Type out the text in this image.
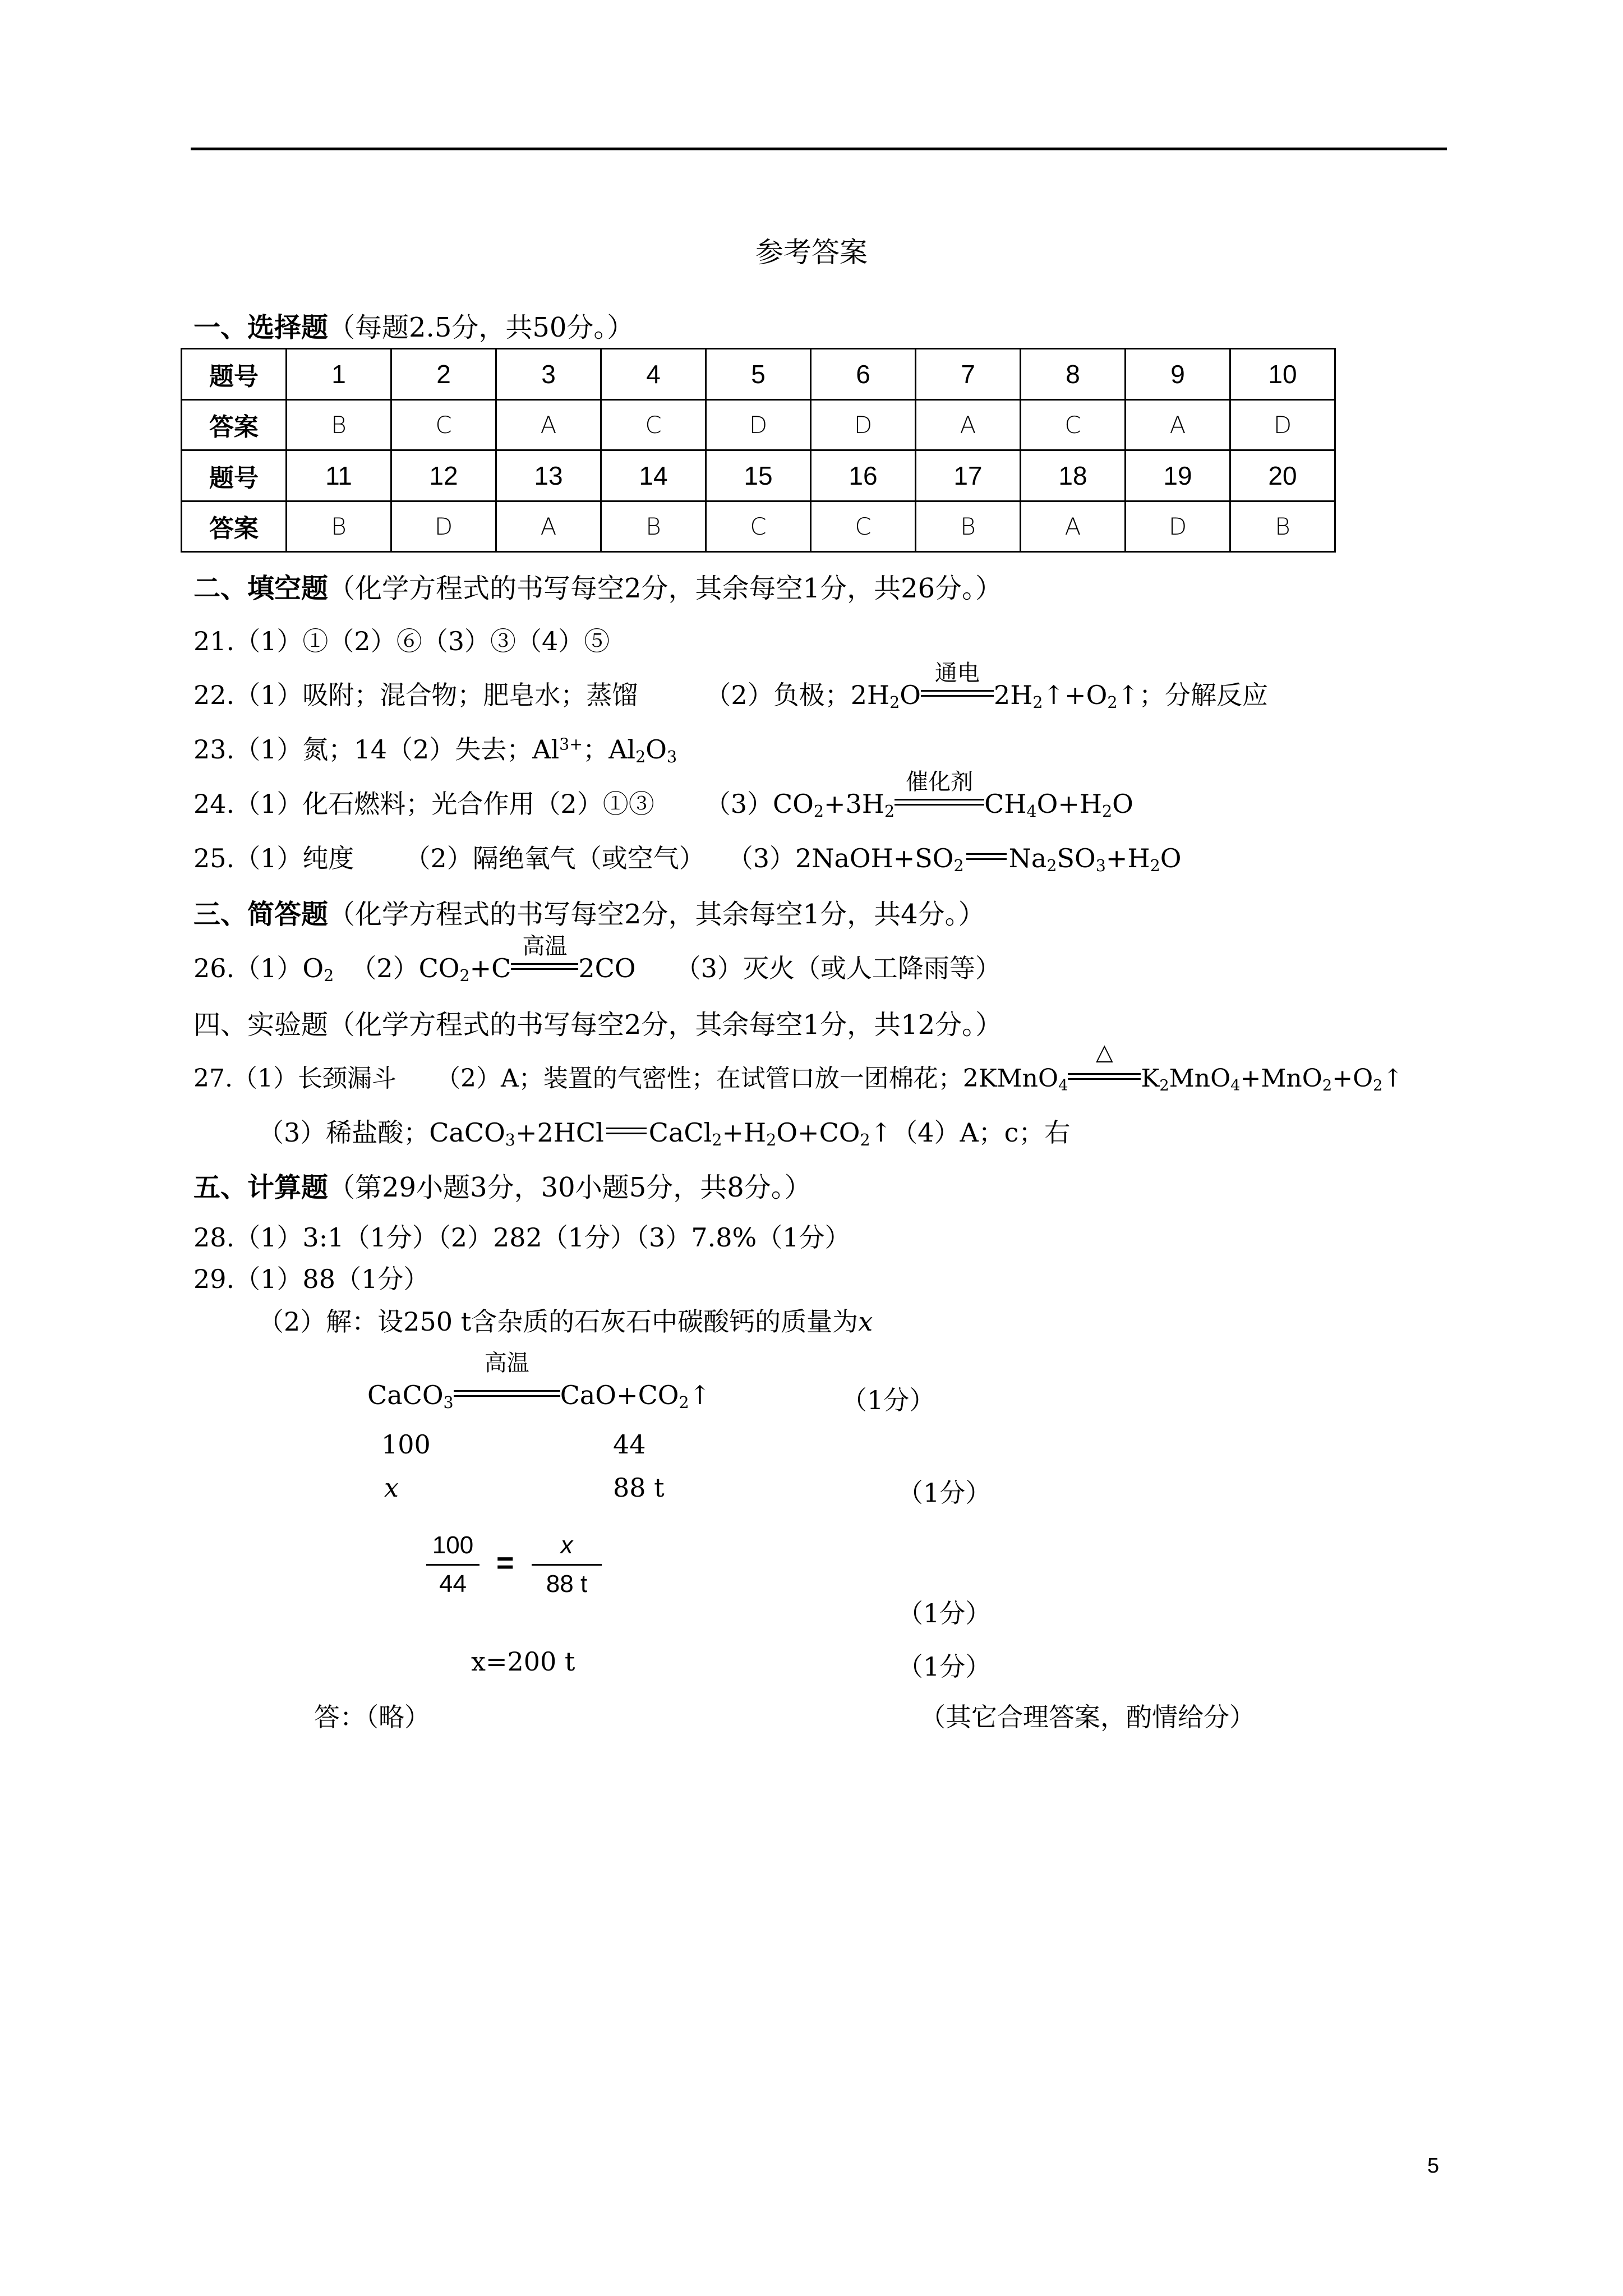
参考答案
一、选择题（每题2.5分，共50分。）
题号	1	2	3	4	5	6	7	8	9	10
答案	B	C	A	C	D	D	A	C	A	D
题号	11	12	13	14	15	16	17	18	19	20
答案	B	D	A	B	C	C	B	A	D	B
二、填空题（化学方程式的书写每空2分，其余每空1分，共26分。）
21.（1）①（2）⑥（3）③（4）⑤
22.（1）吸附；混合物；肥皂水；蒸馏	（2）负极；$2H_2O$
通电
$2H_2↑+O_2↑$；分解反应
23.（1）氮；14（2）失去；$Al^{3+}$；$Al_2O_3$
24.（1）化石燃料；光合作用（2）①③ $(3)CO_2+3H_2$
催化剂
$CH_4O+H_2O$
25.（1）纯度 （2）隔绝氧气（或空气） $(3)2NaOH+SO_2$ $Na_2SO_3+H_2O$
三、简答题（化学方程式的书写每空2分，其余每空1分，共4分。）
$26.(1)O_2$ $(2)CO_2+C$
高温
2CO （3）灭火（或人工降雨等）
四、实验题（化学方程式的书写每空2分，其余每空1分，共12分。）
27.（1）长颈漏斗 （2）A；装置的气密性；在试管口放一团棉花；2KMnO$_4$
△
$K_2MnO_4+MnO_2+O_2↑$
（3）稀盐酸；CaCO$_3$+2HCl $CaCl_2+H_2O+CO_2↑(4)A$；c；右
五、计算题（第29小题3分，30小题5分，共8分。）
28.（1）3:1（1分）（2）282（1分）（3）7.8%（1分）
29.（1）88（1分）
（2）解：设250 t含杂质的石灰石中碳酸钙的质量为x
CaCO$_3$
高温
$CaO+CO_2↑$	（1分）
100	44
x	88 t	（1分）
100
44
=
x
88 t
（1分）
x=200 t	（1分）
答：（略）	（其它合理答案，酌情给分）
5
